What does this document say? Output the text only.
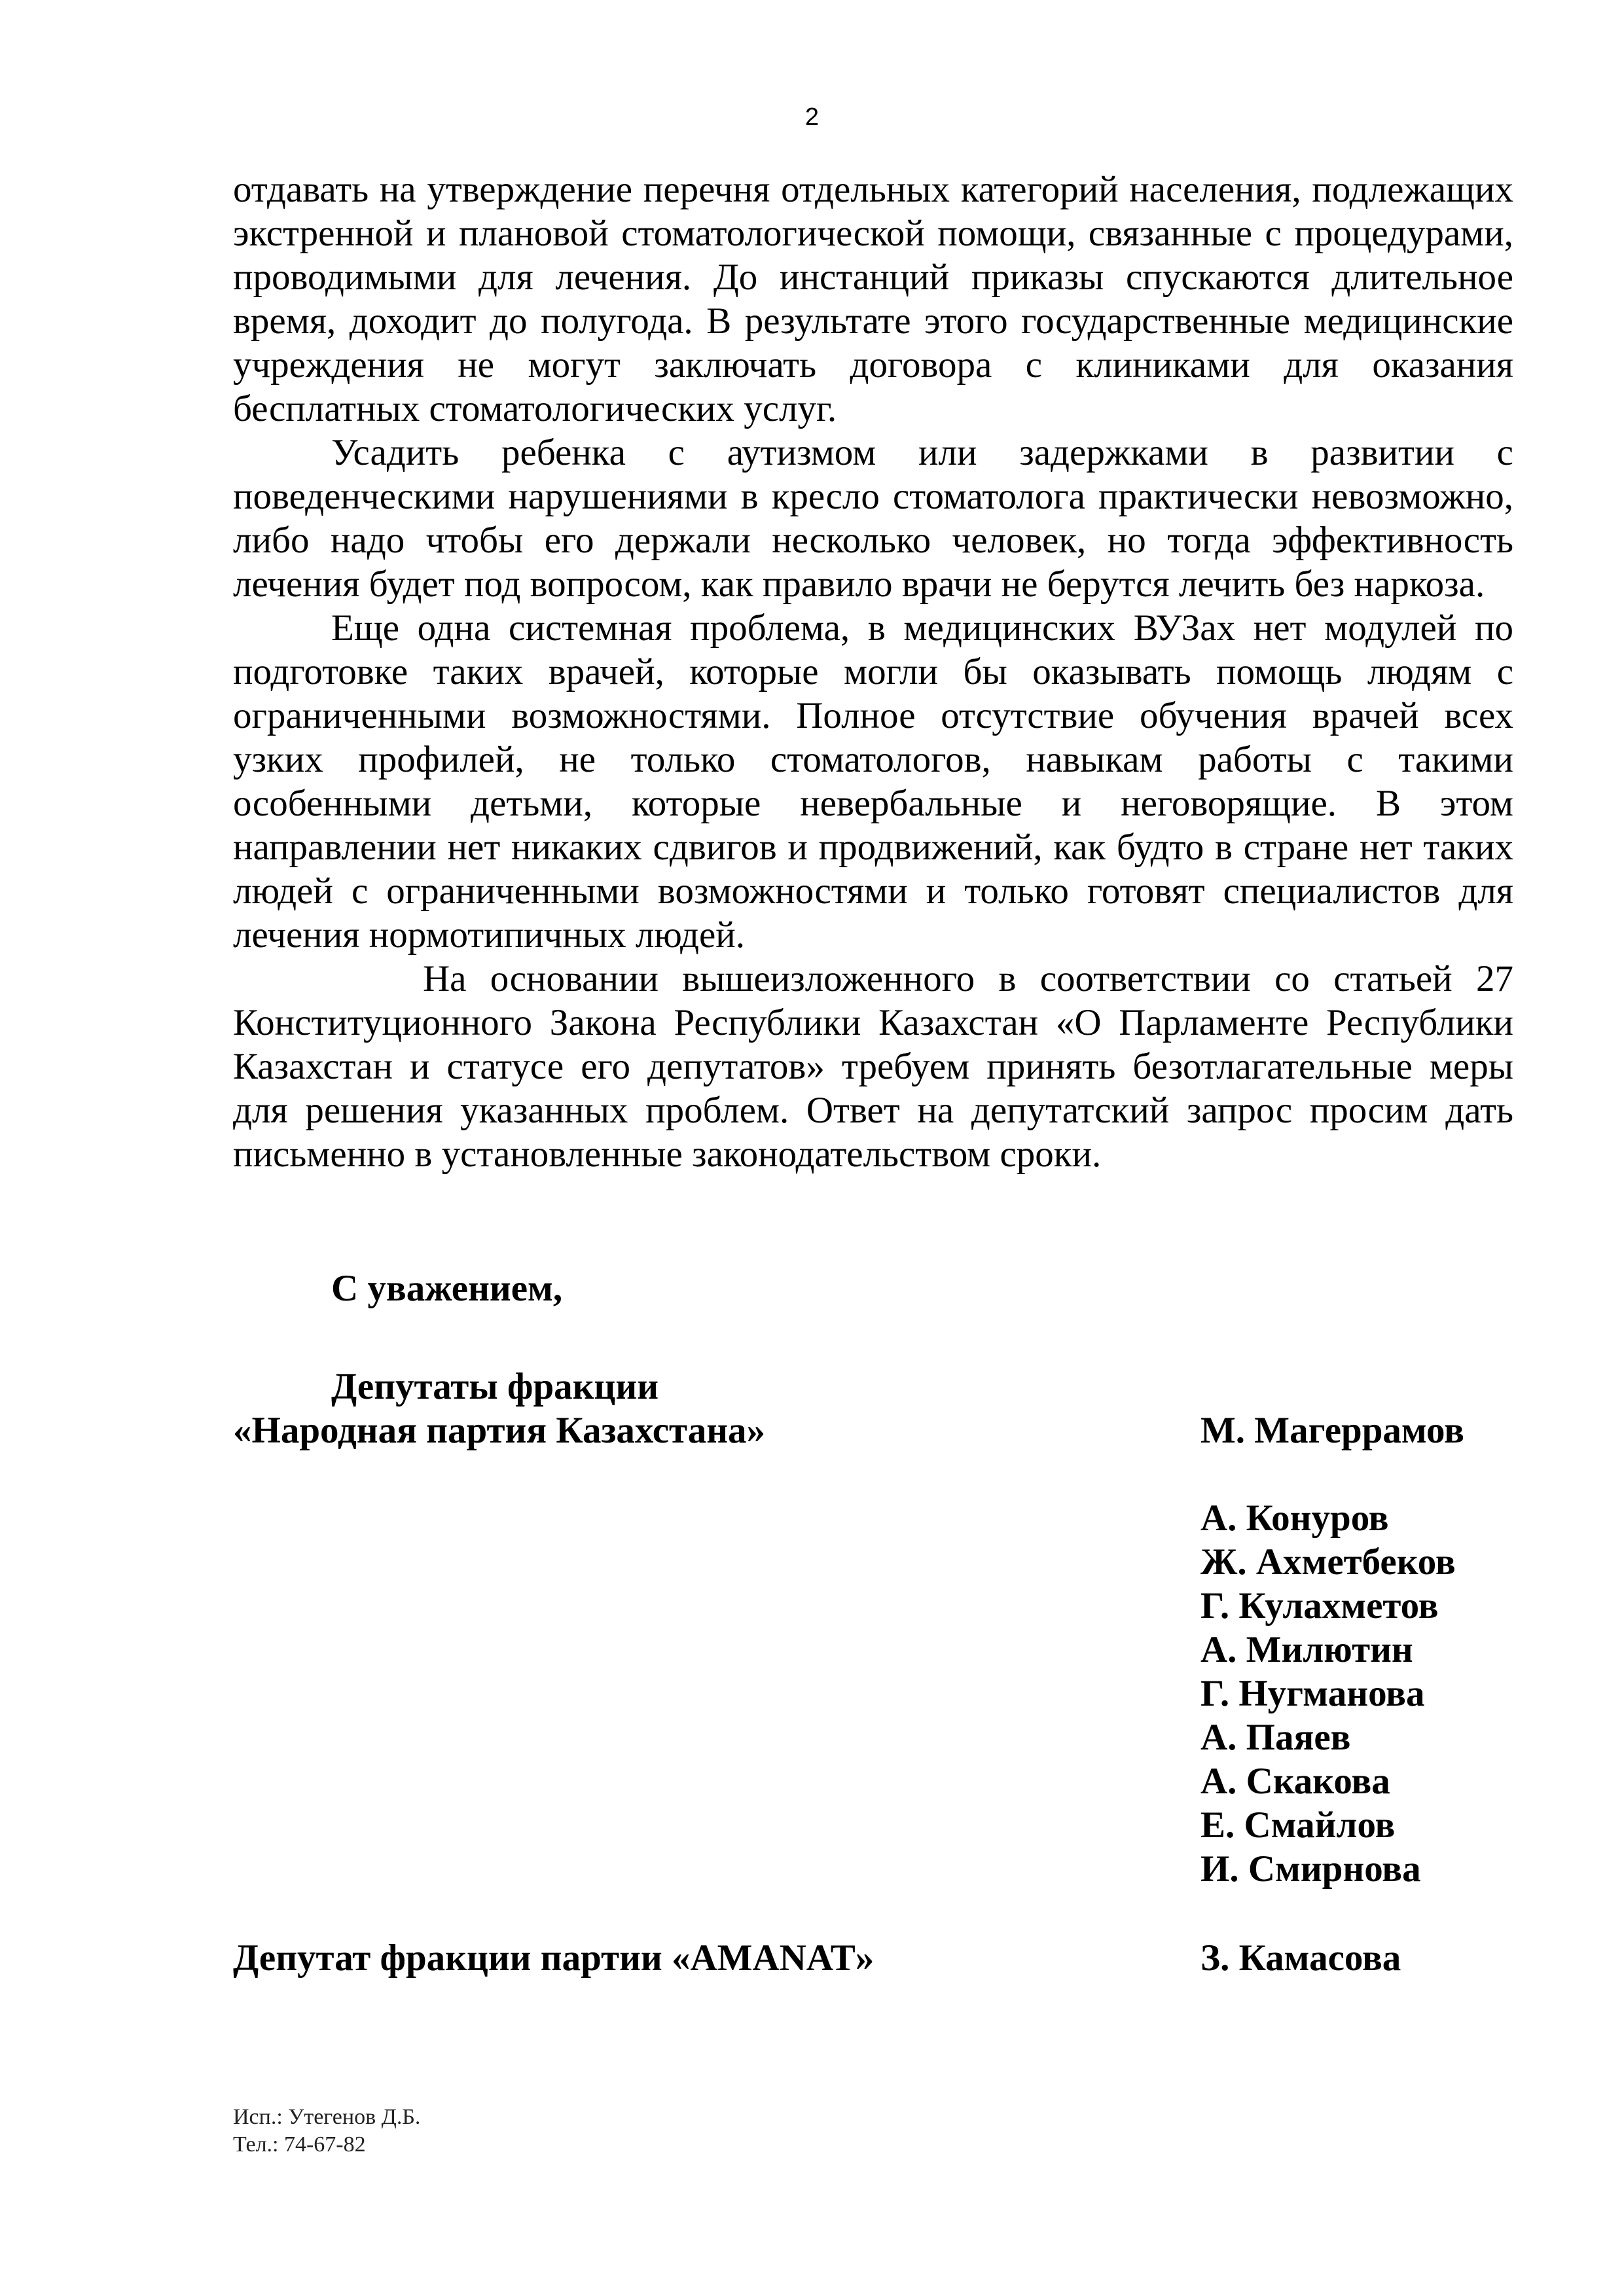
2

отдавать на утверждение перечня отдельных категорий населения, подлежащих экстренной и плановой стоматологической помощи, связанные с процедурами, проводимыми для лечения. До инстанций приказы спускаются длительное время, доходит до полугода. В результате этого государственные медицинские учреждения не могут заключать договора с клиниками для оказания бесплатных стоматологических услуг.

Усадить ребенка с аутизмом или задержками в развитии с поведенческими нарушениями в кресло стоматолога практически невозможно, либо надо чтобы его держали несколько человек, но тогда эффективность лечения будет под вопросом, как правило врачи не берутся лечить без наркоза.

Еще одна системная проблема, в медицинских ВУЗах нет модулей по подготовке таких врачей, которые могли бы оказывать помощь людям с ограниченными возможностями. Полное отсутствие обучения врачей всех узких профилей, не только стоматологов, навыкам работы с такими особенными детьми, которые невербальные и неговорящие. В этом направлении нет никаких сдвигов и продвижений, как будто в стране нет таких людей с ограниченными возможностями и только готовят специалистов для лечения нормотипичных людей.

На основании вышеизложенного в соответствии со статьей 27 Конституционного Закона Республики Казахстан «О Парламенте Республики Казахстан и статусе его депутатов» требуем принять безотлагательные меры для решения указанных проблем. Ответ на депутатский запрос просим дать письменно в установленные законодательством сроки.

С уважением,
Депутаты фракции
«Народная партия Казахстана»	М. Магеррамов
А. Конуров
Ж. Ахметбеков
Г. Кулахметов
А. Милютин
Г. Нугманова
А. Паяев
А. Скакова
Е. Смайлов
И. Смирнова
Депутат фракции партии «AMANAT»	З. Камасова
Исп.: Утегенов Д.Б.
Тел.: 74-67-82
